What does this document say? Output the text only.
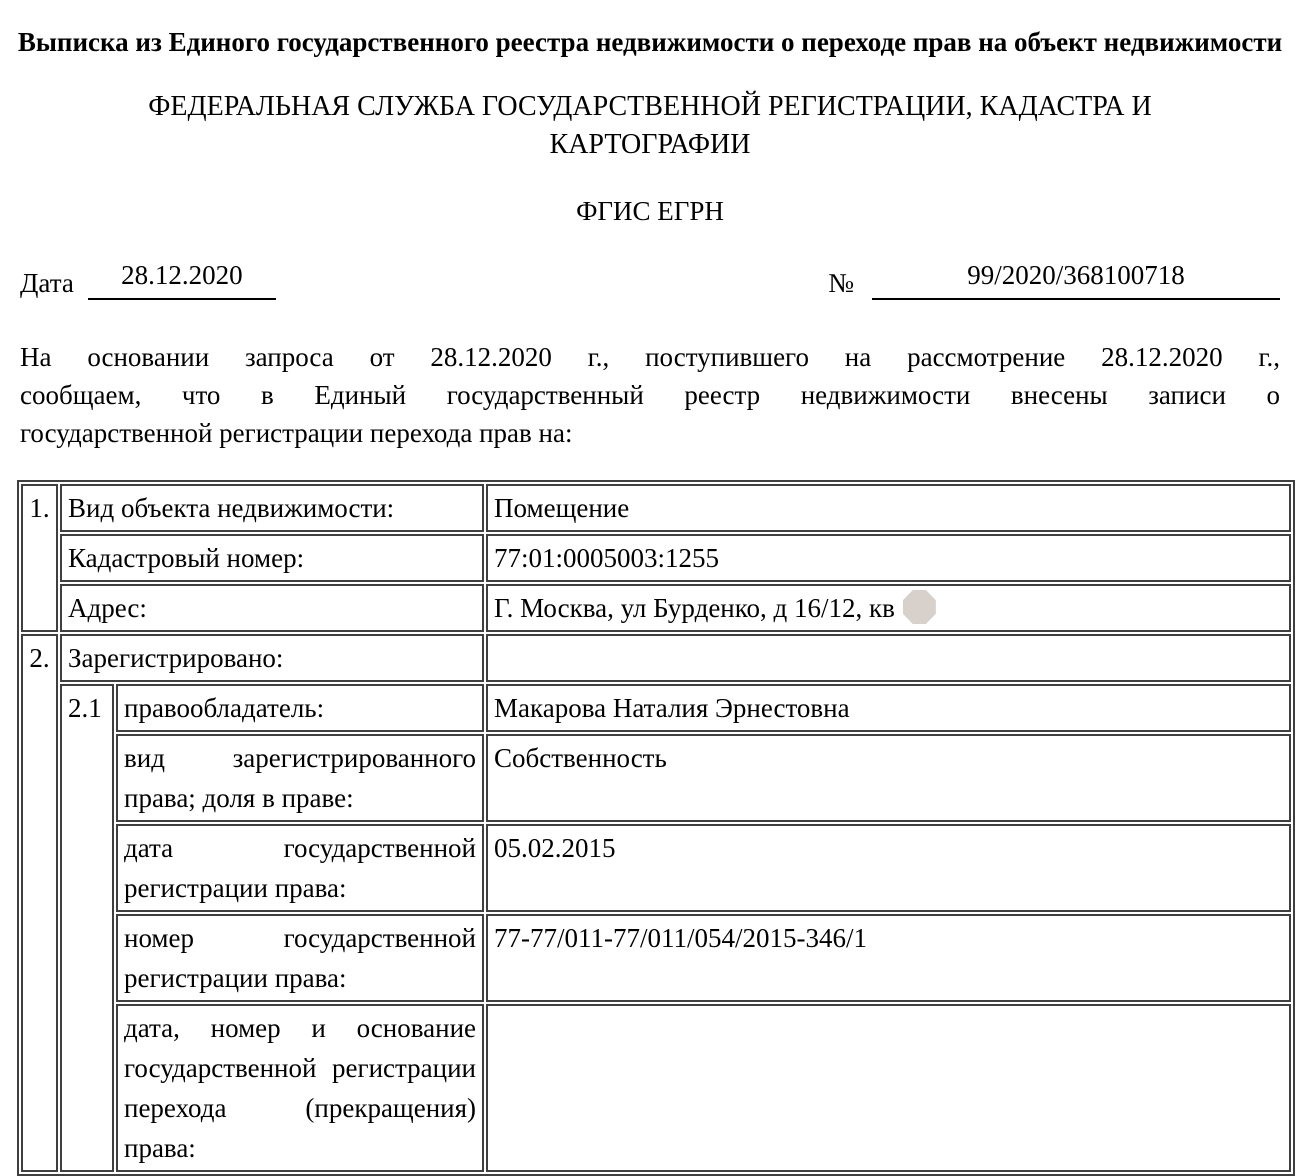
Выписка из Единого государственного реестра недвижимости о переходе прав на объект недвижимости
ФЕДЕРАЛЬНАЯ СЛУЖБА ГОСУДАРСТВЕННОЙ РЕГИСТРАЦИИ, КАДАСТРА И КАРТОГРАФИИ
ФГИС ЕГРН
Дата	28.12.2020	№	99/2020/368100718
На основании запроса от 28.12.2020 г., поступившего на рассмотрение 28.12.2020 г.,
сообщаем, что в Единый государственный реестр недвижимости внесены записи о
государственной регистрации перехода прав на:
1.	Вид объекта недвижимости:		Помещение
	Кадастровый номер:		77:01:0005003:1255
	Адрес:		Г. Москва, ул Бурденко, д 16/12, кв
2.	Зарегистрировано:		
	2.1	правообладатель:	Макарова Наталия Эрнестовна
		вид зарегистрированного права; доля в праве:	Собственность
		дата государственной регистрации права:	05.02.2015
		номер государственной регистрации права:	77-77/011-77/011/054/2015-346/1
		дата, номер и основание государственной регистрации перехода (прекращения) права:	
